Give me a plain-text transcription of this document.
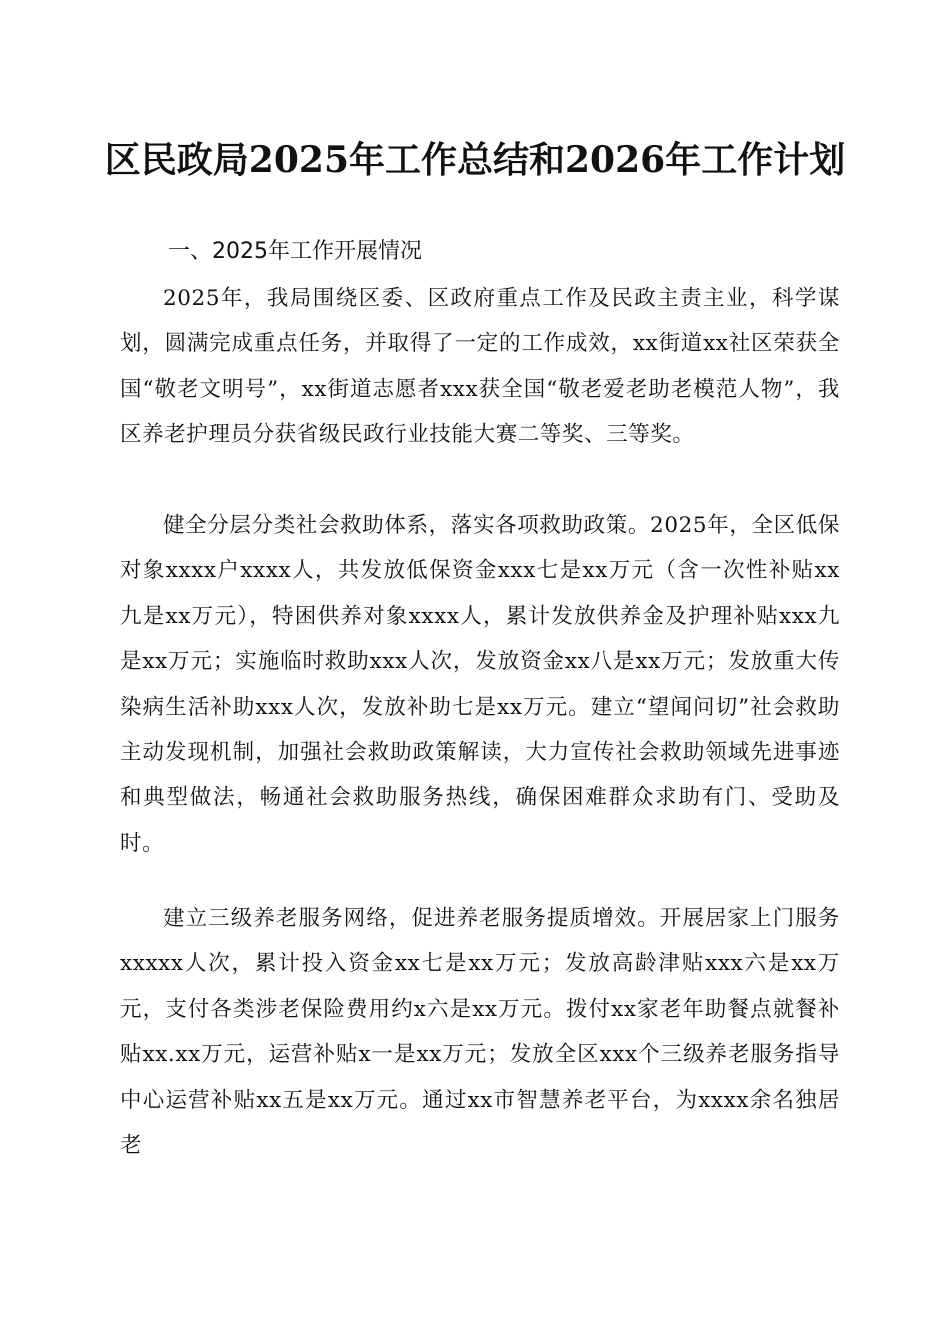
区民政局2025年工作总结和2026年工作计划
一、2025年工作开展情况

2025年，我局围绕区委、区政府重点工作及民政主责主业，科学谋划，圆满完成重点任务，并取得了一定的工作成效，xx街道xx社区荣获全国“敬老文明号”，xx街道志愿者xxx获全国“敬老爱老助老模范人物”，我区养老护理员分获省级民政行业技能大赛二等奖、三等奖。

健全分层分类社会救助体系，落实各项救助政策。2025年，全区低保对象xxxx户xxxx人，共发放低保资金xxx七是xx万元（含一次性补贴xx九是xx万元），特困供养对象xxxx人，累计发放供养金及护理补贴xxx九是xx万元；实施临时救助xxx人次，发放资金xx八是xx万元；发放重大传染病生活补助xxx人次，发放补助七是xx万元。建立“望闻问切”社会救助主动发现机制，加强社会救助政策解读，大力宣传社会救助领域先进事迹和典型做法，畅通社会救助服务热线，确保困难群众求助有门、受助及时。

建立三级养老服务网络，促进养老服务提质增效。开展居家上门服务xxxxx人次，累计投入资金xx七是xx万元；发放高龄津贴xxx六是xx万元，支付各类涉老保险费用约x六是xx万元。拨付xx家老年助餐点就餐补贴xx.xx万元，运营补贴x一是xx万元；发放全区xxx个三级养老服务指导中心运营补贴xx五是xx万元。通过xx市智慧养老平台，为xxxx余名独居老
